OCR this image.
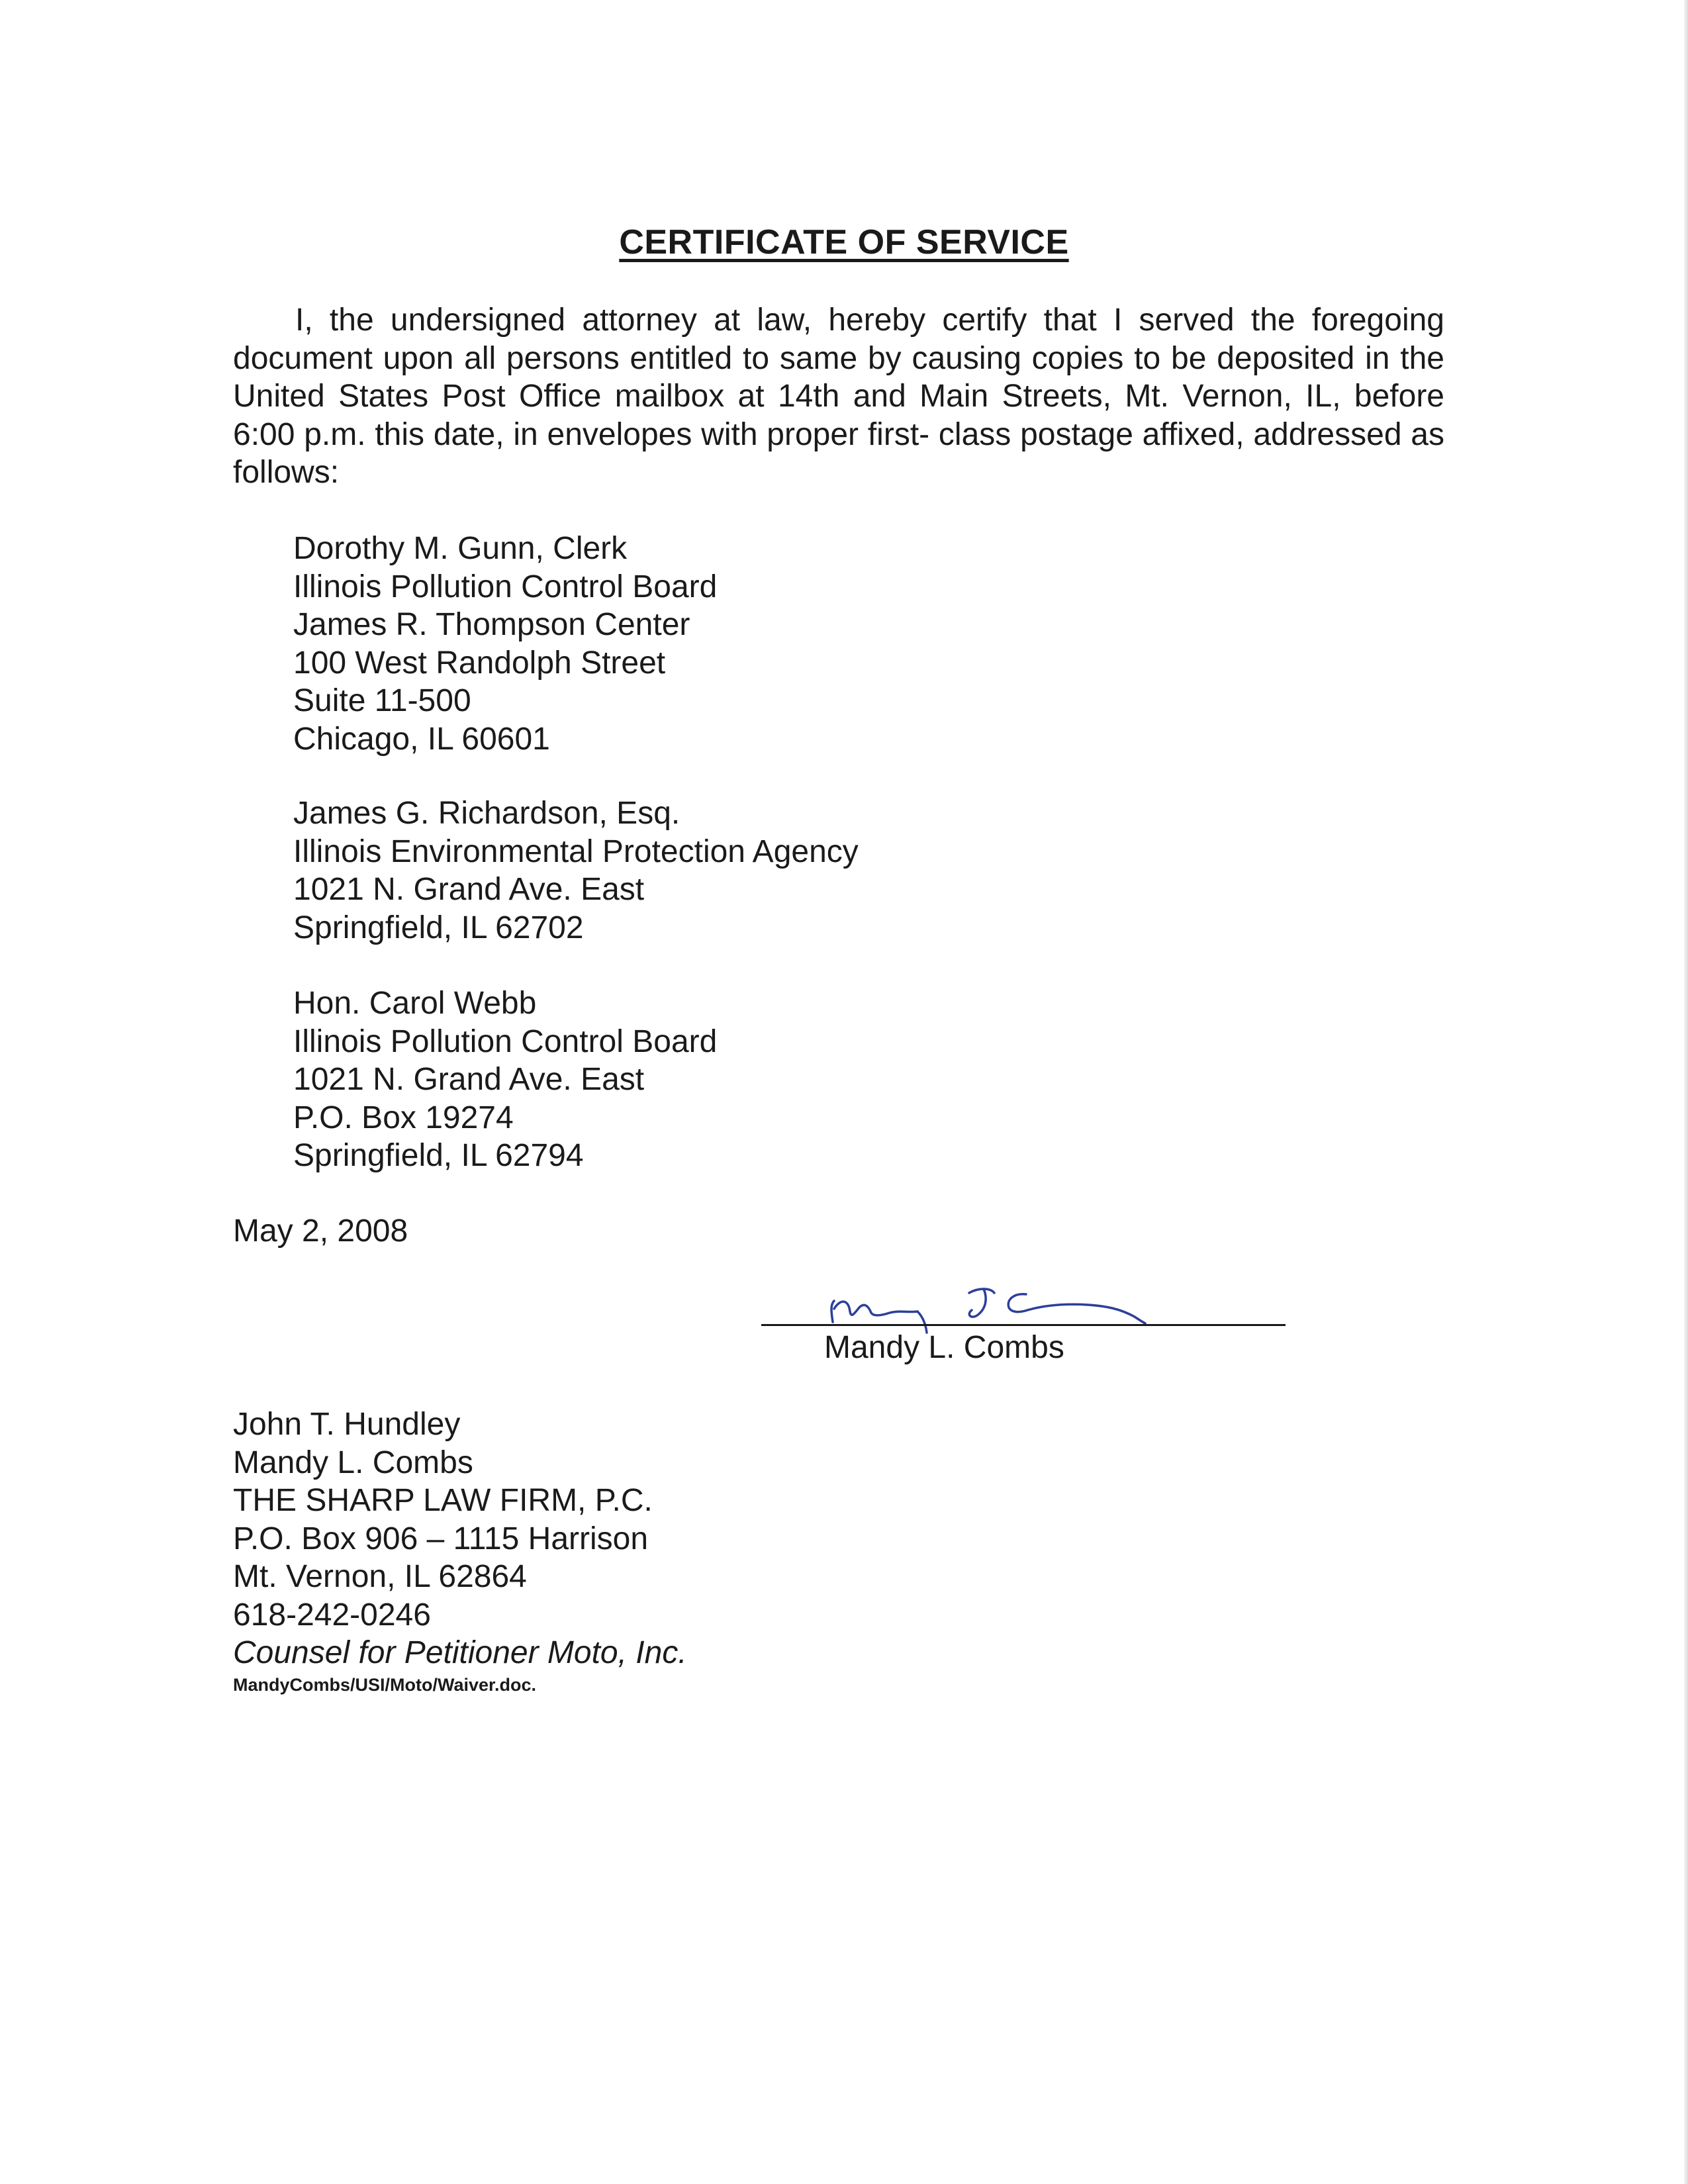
CERTIFICATE OF SERVICE

I, the undersigned attorney at law, hereby certify that I served the foregoing document upon all persons entitled to same by causing copies to be deposited in the United States Post Office mailbox at 14th and Main Streets, Mt. Vernon, IL, before 6:00 p.m. this date, in envelopes with proper first- class postage affixed, addressed as follows:

Dorothy M. Gunn, Clerk
Illinois Pollution Control Board
James R. Thompson Center
100 West Randolph Street
Suite 11-500
Chicago, IL 60601
James G. Richardson, Esq.
Illinois Environmental Protection Agency
1021 N. Grand Ave. East
Springfield, IL 62702
Hon. Carol Webb
Illinois Pollution Control Board
1021 N. Grand Ave. East
P.O. Box 19274
Springfield, IL 62794

May 2, 2008

Mandy L. Combs
John T. Hundley
Mandy L. Combs
THE SHARP LAW FIRM, P.C.
P.O. Box 906 – 1115 Harrison
Mt. Vernon, IL 62864
618-242-0246
Counsel for Petitioner Moto, Inc.
MandyCombs/USI/Moto/Waiver.doc.
